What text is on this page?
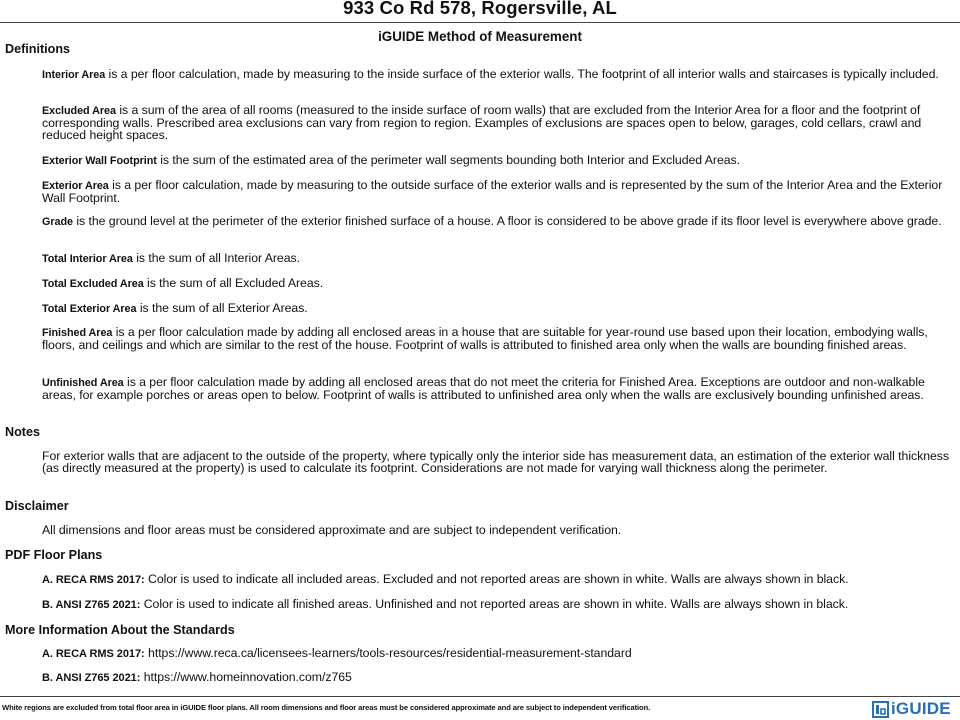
933 Co Rd 578, Rogersville, AL
iGUIDE Method of Measurement
Definitions
Interior Area is a per floor calculation, made by measuring to the inside surface of the exterior walls. The footprint of all interior walls and staircases is typically included.
Excluded Area is a sum of the area of all rooms (measured to the inside surface of room walls) that are excluded from the Interior Area for a floor and the footprint of corresponding walls. Prescribed area exclusions can vary from region to region. Examples of exclusions are spaces open to below, garages, cold cellars, crawl and reduced height spaces.
Exterior Wall Footprint is the sum of the estimated area of the perimeter wall segments bounding both Interior and Excluded Areas.
Exterior Area is a per floor calculation, made by measuring to the outside surface of the exterior walls and is represented by the sum of the Interior Area and the Exterior Wall Footprint.
Grade is the ground level at the perimeter of the exterior finished surface of a house. A floor is considered to be above grade if its floor level is everywhere above grade.
Total Interior Area is the sum of all Interior Areas.
Total Excluded Area is the sum of all Excluded Areas.
Total Exterior Area is the sum of all Exterior Areas.
Finished Area is a per floor calculation made by adding all enclosed areas in a house that are suitable for year-round use based upon their location, embodying walls, floors, and ceilings and which are similar to the rest of the house. Footprint of walls is attributed to finished area only when the walls are bounding finished areas.
Unfinished Area is a per floor calculation made by adding all enclosed areas that do not meet the criteria for Finished Area. Exceptions are outdoor and non-walkable areas, for example porches or areas open to below. Footprint of walls is attributed to unfinished area only when the walls are exclusively bounding unfinished areas.
Notes
For exterior walls that are adjacent to the outside of the property, where typically only the interior side has measurement data, an estimation of the exterior wall thickness (as directly measured at the property) is used to calculate its footprint. Considerations are not made for varying wall thickness along the perimeter.
Disclaimer
All dimensions and floor areas must be considered approximate and are subject to independent verification.
PDF Floor Plans
A. RECA RMS 2017: Color is used to indicate all included areas. Excluded and not reported areas are shown in white. Walls are always shown in black.
B. ANSI Z765 2021: Color is used to indicate all finished areas. Unfinished and not reported areas are shown in white. Walls are always shown in black.
More Information About the Standards
A. RECA RMS 2017: https://www.reca.ca/licensees-learners/tools-resources/residential-measurement-standard
B. ANSI Z765 2021: https://www.homeinnovation.com/z765
White regions are excluded from total floor area in iGUIDE floor plans. All room dimensions and floor areas must be considered approximate and are subject to independent verification.	iGUIDE
